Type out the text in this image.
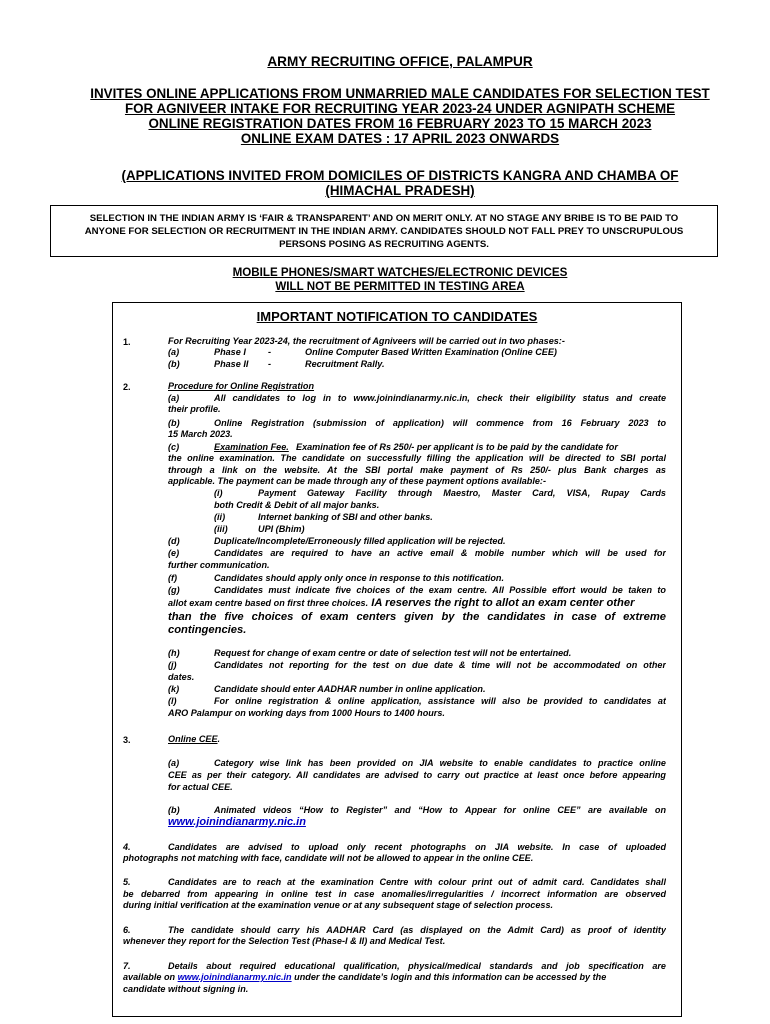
ARMY RECRUITING OFFICE, PALAMPUR
INVITES ONLINE APPLICATIONS FROM UNMARRIED MALE CANDIDATES FOR SELECTION TEST
FOR AGNIVEER INTAKE FOR RECRUITING YEAR 2023-24 UNDER AGNIPATH SCHEME
ONLINE REGISTRATION DATES FROM 16 FEBRUARY 2023 TO 15 MARCH 2023
ONLINE EXAM DATES : 17 APRIL 2023 ONWARDS
(APPLICATIONS INVITED FROM DOMICILES OF DISTRICTS KANGRA AND CHAMBA OF
(HIMACHAL PRADESH)
SELECTION IN THE INDIAN ARMY IS ‘FAIR & TRANSPARENT’ AND ON MERIT ONLY. AT NO STAGE ANY BRIBE IS TO BE PAID TO
ANYONE FOR SELECTION OR RECRUITMENT IN THE INDIAN ARMY. CANDIDATES SHOULD NOT FALL PREY TO UNSCRUPULOUS
PERSONS POSING AS RECRUITING AGENTS.
MOBILE PHONES/SMART WATCHES/ELECTRONIC DEVICES
WILL NOT BE PERMITTED IN TESTING AREA
IMPORTANT NOTIFICATION TO CANDIDATES
1.	For Recruiting Year 2023-24, the recruitment of Agniveers will be carried out in two phases:-
(a)	Phase I -	Online Computer Based Written Examination (Online CEE)
(b)	Phase II -	Recruitment Rally.
2.	Procedure for Online Registration
(a)	All candidates to log in to www.joinindianarmy.nic.in, check their eligibility status and create
their profile.
(b)	Online Registration (submission of application) will commence from 16 February 2023 to
15 March 2023.
(c)	Examination Fee. Examination fee of Rs 250/- per applicant is to be paid by the candidate for
the online examination. The candidate on successfully filling the application will be directed to SBI portal
through a link on the website. At the SBI portal make payment of Rs 250/- plus Bank charges as
applicable. The payment can be made through any of these payment options available:-
(i)	Payment Gateway Facility through Maestro, Master Card, VISA, Rupay Cards
both Credit & Debit of all major banks.
(ii)	Internet banking of SBI and other banks.
(iii)	UPI (Bhim)
(d)	Duplicate/Incomplete/Erroneously filled application will be rejected.
(e)	Candidates are required to have an active email & mobile number which will be used for
further communication.
(f)	Candidates should apply only once in response to this notification.
(g)	Candidates must indicate five choices of the exam centre. All Possible effort would be taken to
allot exam centre based on first three choices. IA reserves the right to allot an exam center other
than the five choices of exam centers given by the candidates in case of extreme
contingencies.
(h)	Request for change of exam centre or date of selection test will not be entertained.
(j)	Candidates not reporting for the test on due date & time will not be accommodated on other
dates.
(k)	Candidate should enter AADHAR number in online application.
(l)	For online registration & online application, assistance will also be provided to candidates at
ARO Palampur on working days from 1000 Hours to 1400 hours.
3.	Online CEE.
(a)	Category wise link has been provided on JIA website to enable candidates to practice online
CEE as per their category. All candidates are advised to carry out practice at least once before appearing
for actual CEE.
(b)	Animated videos “How to Register” and “How to Appear for online CEE” are available on
www.joinindianarmy.nic.in
4.	Candidates are advised to upload only recent photographs on JIA website. In case of uploaded
photographs not matching with face, candidate will not be allowed to appear in the online CEE.
5.	Candidates are to reach at the examination Centre with colour print out of admit card. Candidates shall
be debarred from appearing in online test in case anomalies/irregularities / incorrect information are observed
during initial verification at the examination venue or at any subsequent stage of selection process.
6.	The candidate should carry his AADHAR Card (as displayed on the Admit Card) as proof of identity
whenever they report for the Selection Test (Phase-I & II) and Medical Test.
7.	Details about required educational qualification, physical/medical standards and job specification are
available on www.joinindianarmy.nic.in under the candidate’s login and this information can be accessed by the
candidate without signing in.
